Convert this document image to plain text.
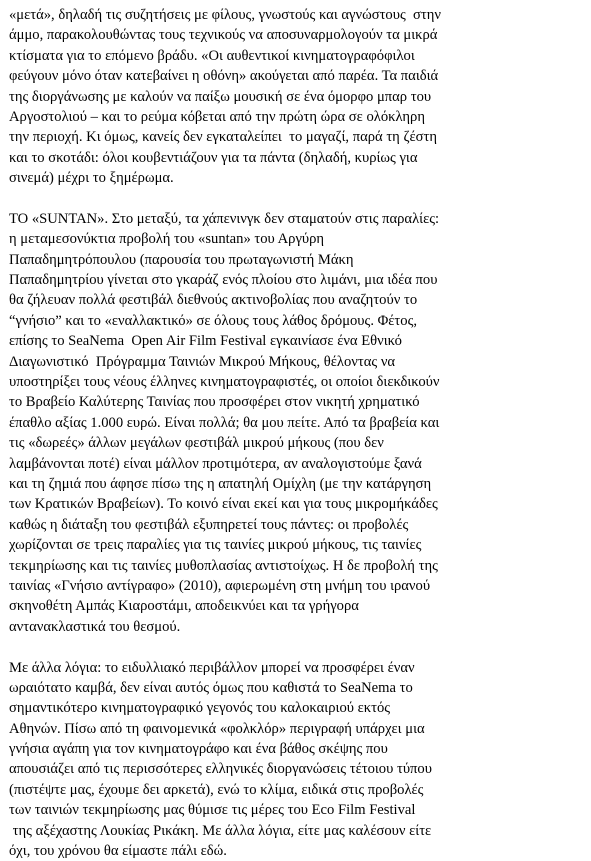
«μετά», δηλαδή τις συζητήσεις με φίλους, γνωστούς και αγνώστους  στην
άμμο, παρακολουθώντας τους τεχνικούς να αποσυναρμολογούν τα μικρά
κτίσματα για το επόμενο βράδυ. «Οι αυθεντικοί κινηματογραφόφιλοι
φεύγουν μόνο όταν κατεβαίνει η οθόνη» ακούγεται από παρέα. Τα παιδιά
της διοργάνωσης με καλούν να παίξω μουσική σε ένα όμορφο μπαρ του
Αργοστολιού – και το ρεύμα κόβεται από την πρώτη ώρα σε ολόκληρη
την περιοχή. Κι όμως, κανείς δεν εγκαταλείπει  το μαγαζί, παρά τη ζέστη
και το σκοτάδι: όλοι κουβεντιάζουν για τα πάντα (δηλαδή, κυρίως για
σινεμά) μέχρι το ξημέρωμα.
ΤΟ «SUNTAN». Στο μεταξύ, τα χάπενινγκ δεν σταματούν στις παραλίες:
η μεταμεσονύκτια προβολή του «suntan» του Αργύρη
Παπαδημητρόπουλου (παρουσία του πρωταγωνιστή Μάκη
Παπαδημητρίου γίνεται στο γκαράζ ενός πλοίου στο λιμάνι, μια ιδέα που
θα ζήλευαν πολλά φεστιβάλ διεθνούς ακτινοβολίας που αναζητούν το
“γνήσιο” και το «εναλλακτικό» σε όλους τους λάθος δρόμους. Φέτος,
επίσης το SeaNema  Open Air Film Festival εγκαινίασε ένα Εθνικό
Διαγωνιστικό  Πρόγραμμα Ταινιών Μικρού Μήκους, θέλοντας να
υποστηρίξει τους νέους έλληνες κινηματογραφιστές, οι οποίοι διεκδικούν
το Βραβείο Καλύτερης Ταινίας που προσφέρει στον νικητή χρηματικό
έπαθλο αξίας 1.000 ευρώ. Είναι πολλά; θα μου πείτε. Από τα βραβεία και
τις «δωρεές» άλλων μεγάλων φεστιβάλ μικρού μήκους (που δεν
λαμβάνονται ποτέ) είναι μάλλον προτιμότερα, αν αναλογιστούμε ξανά
και τη ζημιά που άφησε πίσω της η απατηλή Ομίχλη (με την κατάργηση
των Κρατικών Βραβείων). Το κοινό είναι εκεί και για τους μικρομήκάδες
καθώς η διάταξη του φεστιβάλ εξυπηρετεί τους πάντες: οι προβολές
χωρίζονται σε τρεις παραλίες για τις ταινίες μικρού μήκους, τις ταινίες
τεκμηρίωσης και τις ταινίες μυθοπλασίας αντιστοίχως. Η δε προβολή της
ταινίας «Γνήσιο αντίγραφο» (2010), αφιερωμένη στη μνήμη του ιρανού
σκηνοθέτη Αμπάς Κιαροστάμι, αποδεικνύει και τα γρήγορα
αντανακλαστικά του θεσμού.
Με άλλα λόγια: το ειδυλλιακό περιβάλλον μπορεί να προσφέρει έναν
ωραιότατο καμβά, δεν είναι αυτός όμως που καθιστά το SeaNema το
σημαντικότερο κινηματογραφικό γεγονός του καλοκαιριού εκτός
Αθηνών. Πίσω από τη φαινομενικά «φολκλόρ» περιγραφή υπάρχει μια
γνήσια αγάπη για τον κινηματογράφο και ένα βάθος σκέψης που
απουσιάζει από τις περισσότερες ελληνικές διοργανώσεις τέτοιου τύπου
(πιστέψτε μας, έχουμε δει αρκετά), ενώ το κλίμα, ειδικά στις προβολές
των ταινιών τεκμηρίωσης μας θύμισε τις μέρες του Eco Film Festival
της αξέχαστης Λουκίας Ρικάκη. Με άλλα λόγια, είτε μας καλέσουν είτε
όχι, του χρόνου θα είμαστε πάλι εδώ.
